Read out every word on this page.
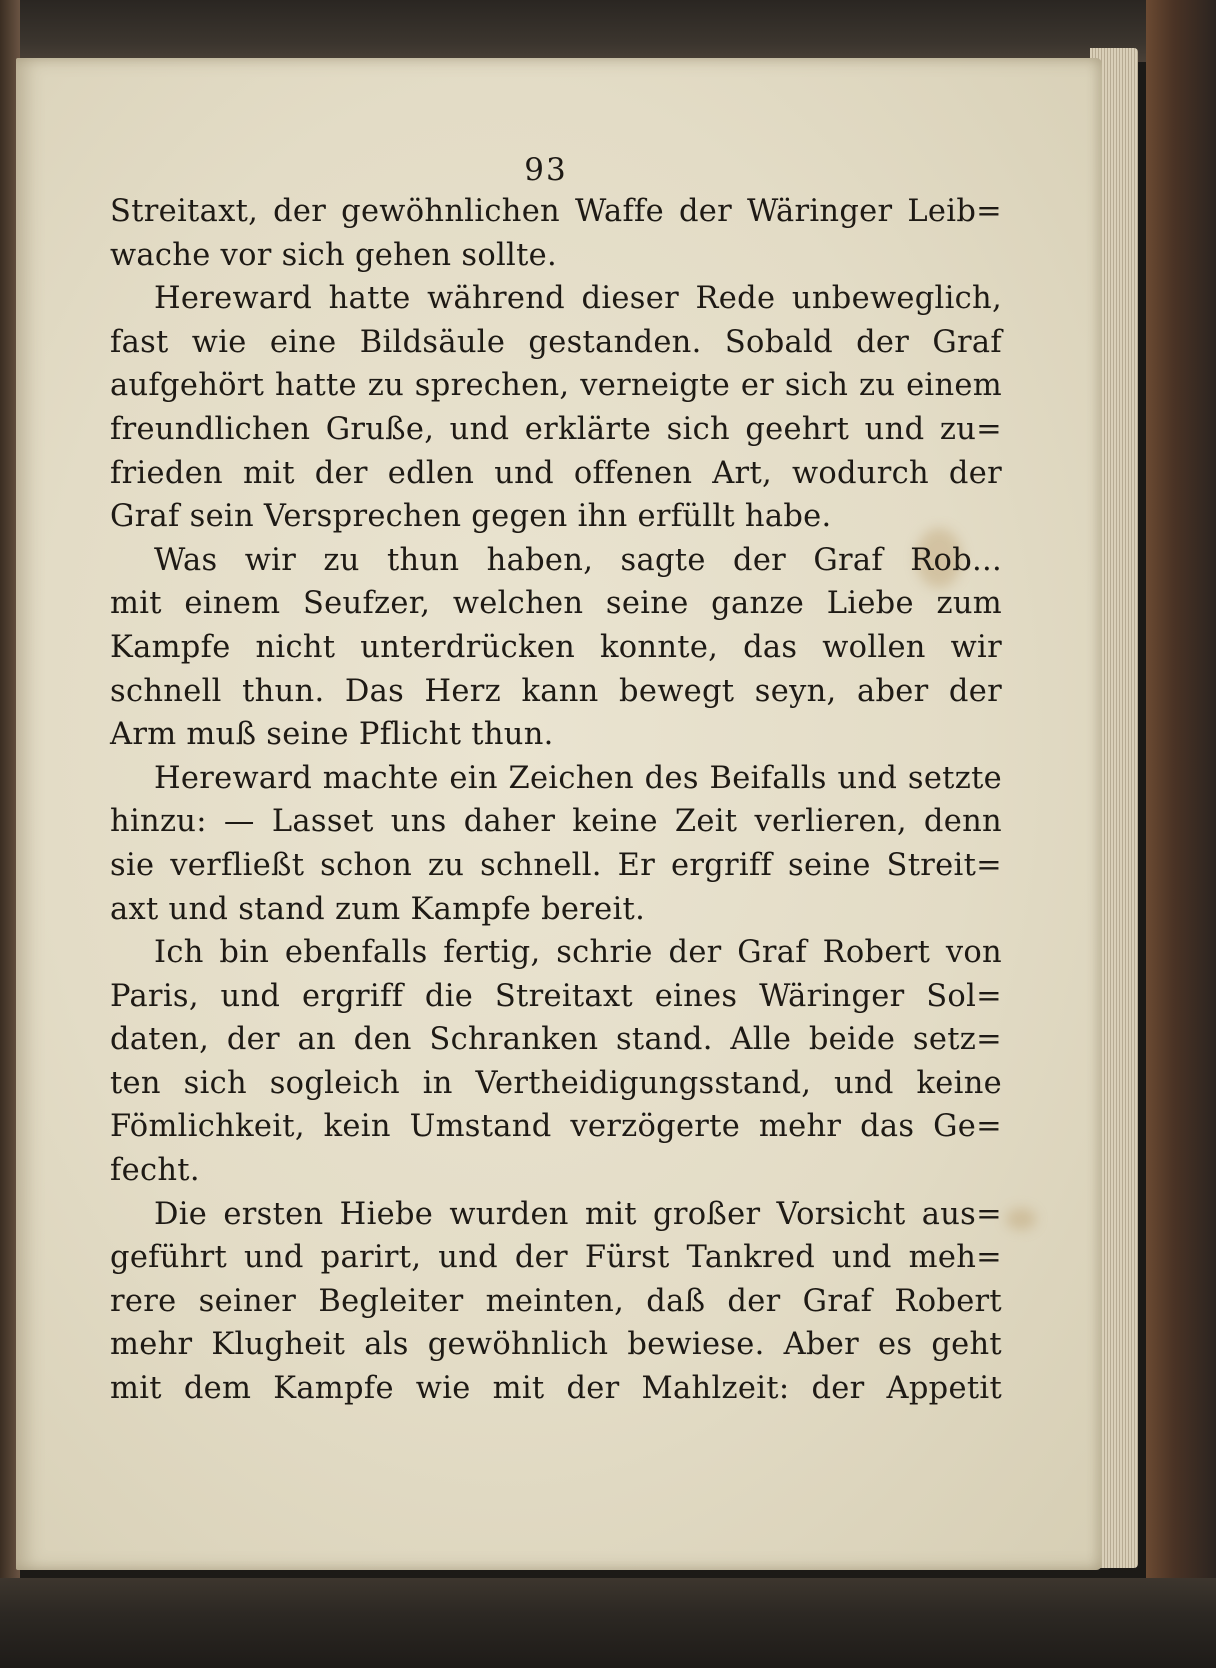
93
Streitaxt, der gewöhnlichen Waffe der Wäringer Leib=
wache vor sich gehen sollte.
Hereward hatte während dieser Rede unbeweglich,
fast wie eine Bildsäule gestanden. Sobald der Graf
aufgehört hatte zu sprechen, verneigte er sich zu einem
freundlichen Gruße, und erklärte sich geehrt und zu=
frieden mit der edlen und offenen Art, wodurch der
Graf sein Versprechen gegen ihn erfüllt habe.
Was wir zu thun haben, sagte der Graf Rob...
mit einem Seufzer, welchen seine ganze Liebe zum
Kampfe nicht unterdrücken konnte, das wollen wir
schnell thun. Das Herz kann bewegt seyn, aber der
Arm muß seine Pflicht thun.
Hereward machte ein Zeichen des Beifalls und setzte
hinzu: — Lasset uns daher keine Zeit verlieren, denn
sie verfließt schon zu schnell. Er ergriff seine Streit=
axt und stand zum Kampfe bereit.
Ich bin ebenfalls fertig, schrie der Graf Robert von
Paris, und ergriff die Streitaxt eines Wäringer Sol=
daten, der an den Schranken stand. Alle beide setz=
ten sich sogleich in Vertheidigungsstand, und keine
Fömlichkeit, kein Umstand verzögerte mehr das Ge=
fecht.
Die ersten Hiebe wurden mit großer Vorsicht aus=
geführt und parirt, und der Fürst Tankred und meh=
rere seiner Begleiter meinten, daß der Graf Robert
mehr Klugheit als gewöhnlich bewiese. Aber es geht
mit dem Kampfe wie mit der Mahlzeit: der Appetit
